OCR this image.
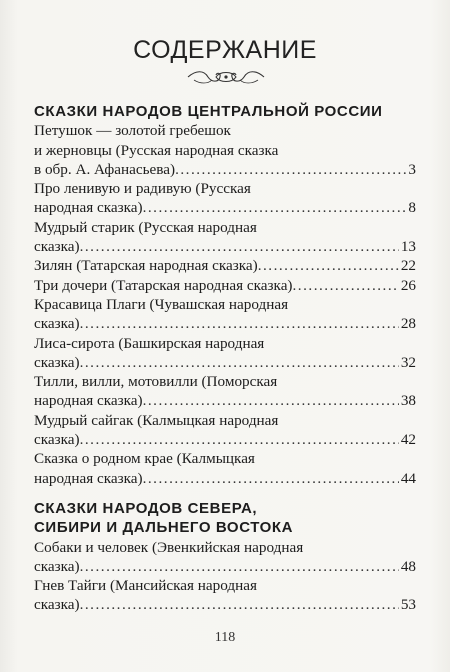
СОДЕРЖАНИЕ
СКАЗКИ НАРОДОВ ЦЕНТРАЛЬНОЙ РОССИИ
Петушок — золотой гребешок
и жерновцы (Русская народная сказка
в обр. А. Афанасьева) .....	3
Про ленивую и радивую (Русская
народная сказка) .....	8
Мудрый старик (Русская народная
сказка) .....	13
Зилян (Татарская народная сказка) .....	22
Три дочери (Татарская народная сказка) .....	26
Красавица Плаги (Чувашская народная
сказка) .....	28
Лиса-сирота (Башкирская народная
сказка) .....	32
Тилли, вилли, мотовилли (Поморская
народная сказка) .....	38
Мудрый сайгак (Калмыцкая народная
сказка) .....	42
Сказка о родном крае (Калмыцкая
народная сказка) .....	44
СКАЗКИ НАРОДОВ СЕВЕРА,
СИБИРИ И ДАЛЬНЕГО ВОСТОКА
Собаки и человек (Эвенкийская народная
сказка) .....	48
Гнев Тайги (Мансийская народная
сказка) .....	53
118
